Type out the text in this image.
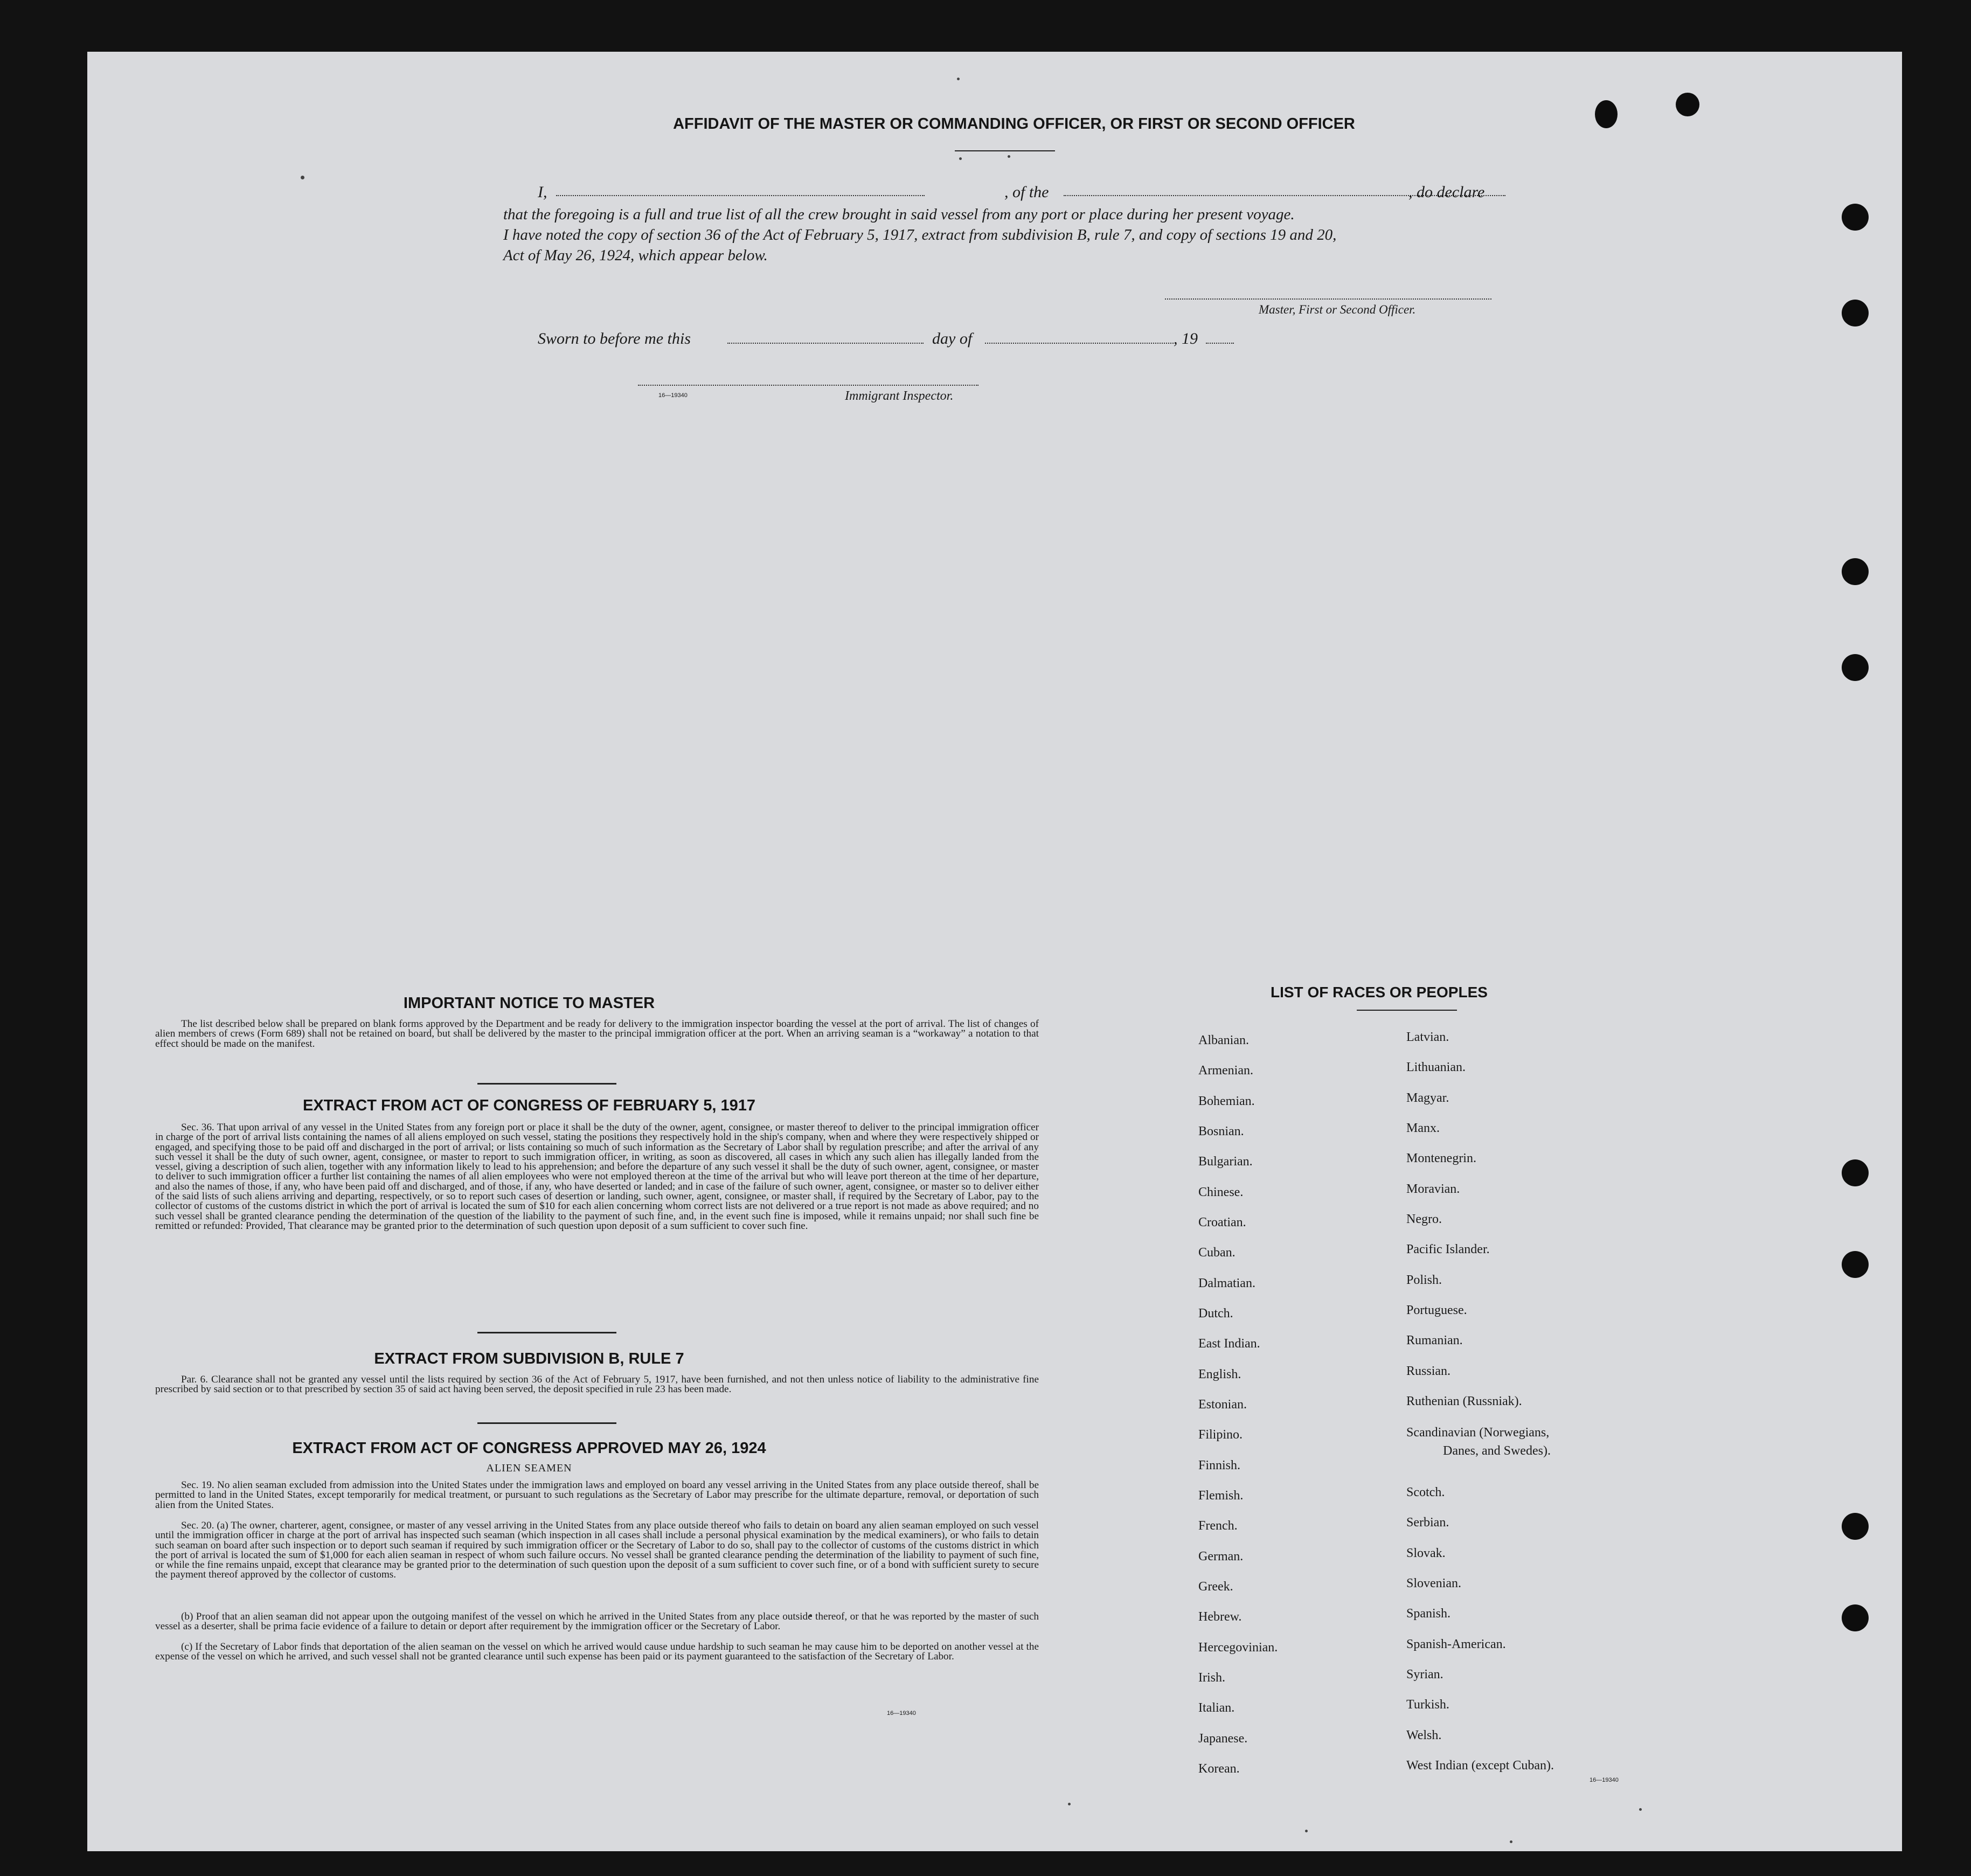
AFFIDAVIT OF THE MASTER OR COMMANDING OFFICER, OR FIRST OR SECOND OFFICER
I,	, of the	, do declare
that the foregoing is a full and true list of all the crew brought in said vessel from any port or place during her present voyage.
I have noted the copy of section 36 of the Act of February 5, 1917, extract from subdivision B, rule 7, and copy of sections 19 and 20,
Act of May 26, 1924, which appear below.
Master, First or Second Officer.
Sworn to before me this	day of	, 19
16—19340	Immigrant Inspector.
IMPORTANT NOTICE TO MASTER
The list described below shall be prepared on blank forms approved by the Department and be ready for delivery to the immigration inspector boarding the vessel at the port of arrival. The list of changes of alien members of crews (Form 689) shall not be retained on board, but shall be delivered by the master to the principal immigration officer at the port. When an arriving seaman is a “workaway” a notation to that effect should be made on the manifest.
EXTRACT FROM ACT OF CONGRESS OF FEBRUARY 5, 1917
Sec. 36. That upon arrival of any vessel in the United States from any foreign port or place it shall be the duty of the owner, agent, consignee, or master thereof to deliver to the principal immigration officer in charge of the port of arrival lists containing the names of all aliens employed on such vessel, stating the positions they respectively hold in the ship's company, when and where they were respectively shipped or engaged, and specifying those to be paid off and discharged in the port of arrival; or lists containing so much of such information as the Secretary of Labor shall by regulation prescribe; and after the arrival of any such vessel it shall be the duty of such owner, agent, consignee, or master to report to such immigration officer, in writing, as soon as discovered, all cases in which any such alien has illegally landed from the vessel, giving a description of such alien, together with any information likely to lead to his apprehension; and before the departure of any such vessel it shall be the duty of such owner, agent, consignee, or master to deliver to such immigration officer a further list containing the names of all alien employees who were not employed thereon at the time of the arrival but who will leave port thereon at the time of her departure, and also the names of those, if any, who have been paid off and discharged, and of those, if any, who have deserted or landed; and in case of the failure of such owner, agent, consignee, or master so to deliver either of the said lists of such aliens arriving and departing, respectively, or so to report such cases of desertion or landing, such owner, agent, consignee, or master shall, if required by the Secretary of Labor, pay to the collector of customs of the customs district in which the port of arrival is located the sum of $10 for each alien concerning whom correct lists are not delivered or a true report is not made as above required; and no such vessel shall be granted clearance pending the determination of the question of the liability to the payment of such fine, and, in the event such fine is imposed, while it remains unpaid; nor shall such fine be remitted or refunded: Provided, That clearance may be granted prior to the determination of such question upon deposit of a sum sufficient to cover such fine.
EXTRACT FROM SUBDIVISION B, RULE 7
Par. 6. Clearance shall not be granted any vessel until the lists required by section 36 of the Act of February 5, 1917, have been furnished, and not then unless notice of liability to the administrative fine prescribed by said section or to that prescribed by section 35 of said act having been served, the deposit specified in rule 23 has been made.
EXTRACT FROM ACT OF CONGRESS APPROVED MAY 26, 1924
ALIEN SEAMEN
Sec. 19. No alien seaman excluded from admission into the United States under the immigration laws and employed on board any vessel arriving in the United States from any place outside thereof, shall be permitted to land in the United States, except temporarily for medical treatment, or pursuant to such regulations as the Secretary of Labor may prescribe for the ultimate departure, removal, or deportation of such alien from the United States.
Sec. 20. (a) The owner, charterer, agent, consignee, or master of any vessel arriving in the United States from any place outside thereof who fails to detain on board any alien seaman employed on such vessel until the immigration officer in charge at the port of arrival has inspected such seaman (which inspection in all cases shall include a personal physical examination by the medical examiners), or who fails to detain such seaman on board after such inspection or to deport such seaman if required by such immigration officer or the Secretary of Labor to do so, shall pay to the collector of customs of the customs district in which the port of arrival is located the sum of $1,000 for each alien seaman in respect of whom such failure occurs. No vessel shall be granted clearance pending the determination of the liability to payment of such fine, or while the fine remains unpaid, except that clearance may be granted prior to the determination of such question upon the deposit of a sum sufficient to cover such fine, or of a bond with sufficient surety to secure the payment thereof approved by the collector of customs.
(b) Proof that an alien seaman did not appear upon the outgoing manifest of the vessel on which he arrived in the United States from any place outside thereof, or that he was reported by the master of such vessel as a deserter, shall be prima facie evidence of a failure to detain or deport after requirement by the immigration officer or the Secretary of Labor.
(c) If the Secretary of Labor finds that deportation of the alien seaman on the vessel on which he arrived would cause undue hardship to such seaman he may cause him to be deported on another vessel at the expense of the vessel on which he arrived, and such vessel shall not be granted clearance until such expense has been paid or its payment guaranteed to the satisfaction of the Secretary of Labor.
16—19340
LIST OF RACES OR PEOPLES
Albanian.
Armenian.
Bohemian.
Bosnian.
Bulgarian.
Chinese.
Croatian.
Cuban.
Dalmatian.
Dutch.
East Indian.
English.
Estonian.
Filipino.
Finnish.
Flemish.
French.
German.
Greek.
Hebrew.
Hercegovinian.
Irish.
Italian.
Japanese.
Korean.
Latvian.
Lithuanian.
Magyar.
Manx.
Montenegrin.
Moravian.
Negro.
Pacific Islander.
Polish.
Portuguese.
Rumanian.
Russian.
Ruthenian (Russniak).
Scandinavian (Norwegians,
Danes, and Swedes).
Scotch.
Serbian.
Slovak.
Slovenian.
Spanish.
Spanish-American.
Syrian.
Turkish.
Welsh.
West Indian (except Cuban).
16—19340
